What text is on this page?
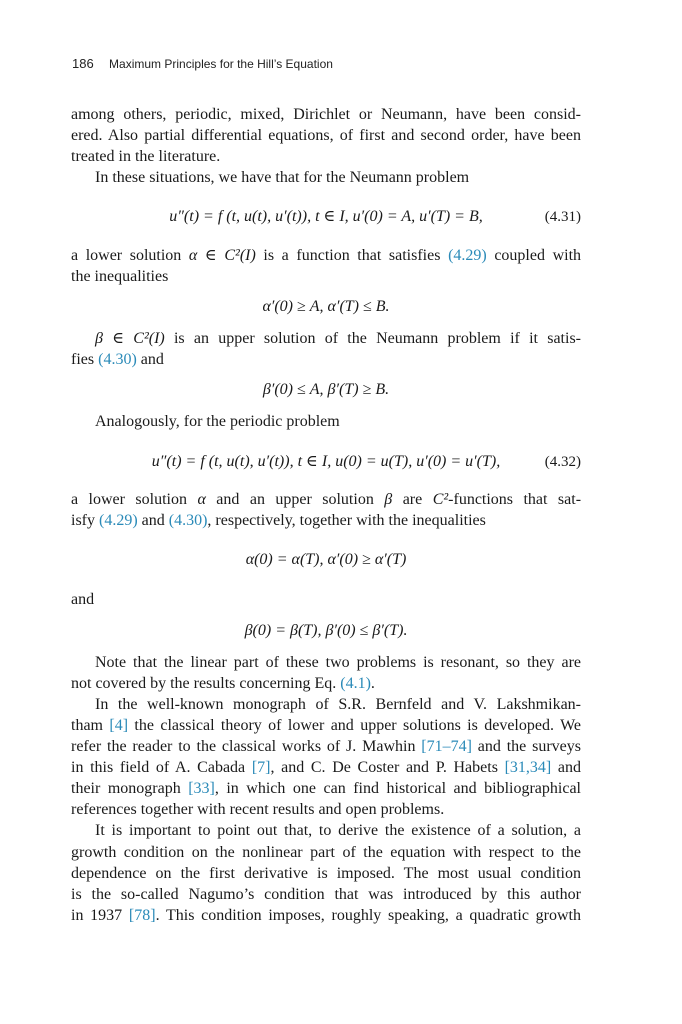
186 Maximum Principles for the Hill’s Equation
among others, periodic, mixed, Dirichlet or Neumann, have been consid-
ered. Also partial differential equations, of first and second order, have been
treated in the literature.
In these situations, we have that for the Neumann problem
u″(t) = f (t, u(t), u′(t)), t ∈ I, u′(0) = A, u′(T) = B,	(4.31)
a lower solution α ∈ C²(I) is a function that satisfies (4.29) coupled with
the inequalities
α′(0) ≥ A, α′(T) ≤ B.
β ∈ C²(I) is an upper solution of the Neumann problem if it satis-
fies (4.30) and
β′(0) ≤ A, β′(T) ≥ B.
Analogously, for the periodic problem
u″(t) = f (t, u(t), u′(t)), t ∈ I, u(0) = u(T), u′(0) = u′(T),	(4.32)
a lower solution α and an upper solution β are C²-functions that sat-
isfy (4.29) and (4.30), respectively, together with the inequalities
α(0) = α(T), α′(0) ≥ α′(T)
and
β(0) = β(T), β′(0) ≤ β′(T).
Note that the linear part of these two problems is resonant, so they are
not covered by the results concerning Eq. (4.1).
In the well-known monograph of S.R. Bernfeld and V. Lakshmikan-
tham [4] the classical theory of lower and upper solutions is developed. We
refer the reader to the classical works of J. Mawhin [71–74] and the surveys
in this field of A. Cabada [7], and C. De Coster and P. Habets [31,34] and
their monograph [33], in which one can find historical and bibliographical
references together with recent results and open problems.
It is important to point out that, to derive the existence of a solution, a
growth condition on the nonlinear part of the equation with respect to the
dependence on the first derivative is imposed. The most usual condition
is the so-called Nagumo’s condition that was introduced by this author
in 1937 [78]. This condition imposes, roughly speaking, a quadratic growth
